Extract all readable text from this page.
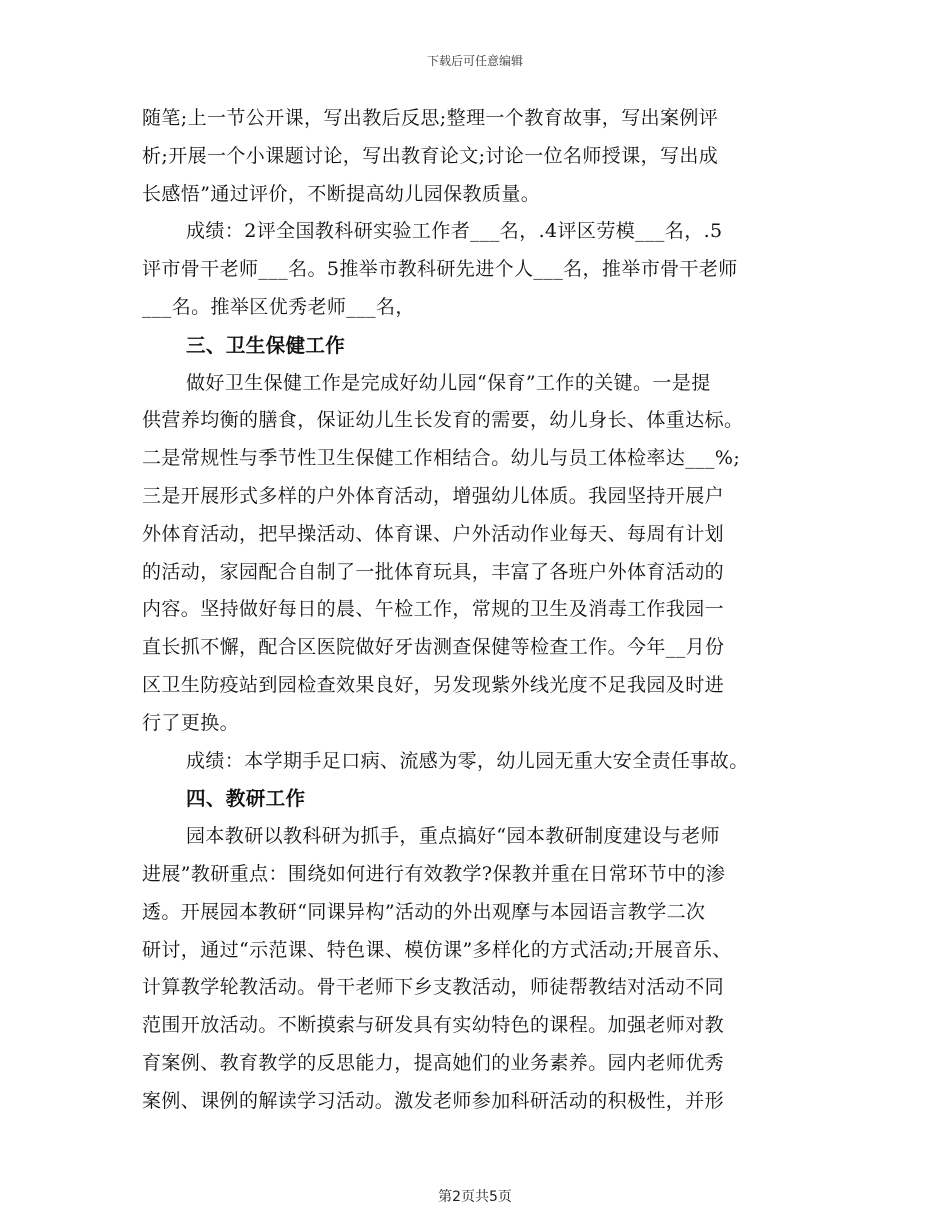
下载后可任意编辑
随笔;上一节公开课，写出教后反思;整理一个教育故事，写出案例评
析;开展一个小课题讨论，写出教育论文;讨论一位名师授课，写出成
长感悟”通过评价，不断提高幼儿园保教质量。
成绩：2评全国教科研实验工作者___名，.4评区劳模___名，.5
评市骨干老师___名。5推举市教科研先进个人___名，推举市骨干老师
___名。推举区优秀老师___名，
三、卫生保健工作
做好卫生保健工作是完成好幼儿园“保育”工作的关键。一是提
供营养均衡的膳食，保证幼儿生长发育的需要，幼儿身长、体重达标。
二是常规性与季节性卫生保健工作相结合。幼儿与员工体检率达___%;
三是开展形式多样的户外体育活动，增强幼儿体质。我园坚持开展户
外体育活动，把早操活动、体育课、户外活动作业每天、每周有计划
的活动，家园配合自制了一批体育玩具，丰富了各班户外体育活动的
内容。坚持做好每日的晨、午检工作，常规的卫生及消毒工作我园一
直长抓不懈，配合区医院做好牙齿测查保健等检查工作。今年__月份
区卫生防疫站到园检查效果良好，另发现紫外线光度不足我园及时进
行了更换。
成绩：本学期手足口病、流感为零，幼儿园无重大安全责任事故。
四、教研工作
园本教研以教科研为抓手，重点搞好“园本教研制度建设与老师
进展”教研重点：围绕如何进行有效教学?保教并重在日常环节中的渗
透。开展园本教研“同课异构”活动的外出观摩与本园语言教学二次
研讨，通过“示范课、特色课、模仿课”多样化的方式活动;开展音乐、
计算教学轮教活动。骨干老师下乡支教活动，师徒帮教结对活动不同
范围开放活动。不断摸索与研发具有实幼特色的课程。加强老师对教
育案例、教育教学的反思能力，提高她们的业务素养。园内老师优秀
案例、课例的解读学习活动。激发老师参加科研活动的积极性，并形
第2页共5页
